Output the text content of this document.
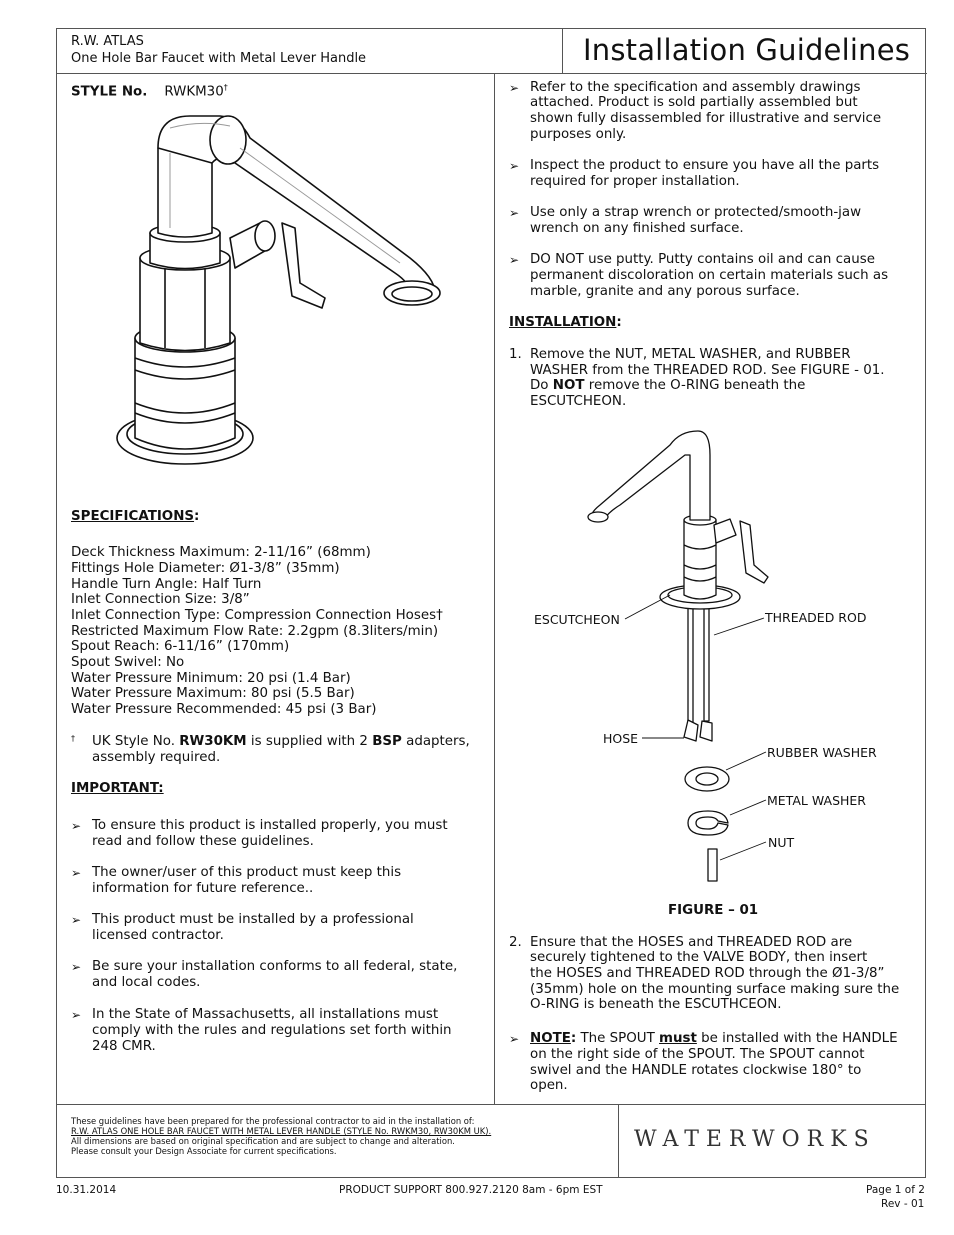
R.W. ATLAS
One Hole Bar Faucet with Metal Lever Handle	Installation Guidelines
STYLE No. RWKM30†
SPECIFICATIONS:
Deck Thickness Maximum: 2-11/16” (68mm)
Fittings Hole Diameter: Ø1-3/8” (35mm)
Handle Turn Angle: Half Turn
Inlet Connection Size: 3/8”
Inlet Connection Type: Compression Connection Hoses†
Restricted Maximum Flow Rate: 2.2gpm (8.3liters/min)
Spout Reach: 6-11/16” (170mm)
Spout Swivel: No
Water Pressure Minimum: 20 psi (1.4 Bar)
Water Pressure Maximum: 80 psi (5.5 Bar)
Water Pressure Recommended: 45 psi (3 Bar)
† UK Style No. RW30KM is supplied with 2 BSP adapters,
assembly required.
IMPORTANT:
➢ To ensure this product is installed properly, you must
read and follow these guidelines.
➢ The owner/user of this product must keep this
information for future reference..
➢ This product must be installed by a professional
licensed contractor.
➢ Be sure your installation conforms to all federal, state,
and local codes.
➢ In the State of Massachusetts, all installations must
comply with the rules and regulations set forth within
248 CMR.
➢ Refer to the specification and assembly drawings
attached. Product is sold partially assembled but
shown fully disassembled for illustrative and service
purposes only.
➢ Inspect the product to ensure you have all the parts
required for proper installation.
➢ Use only a strap wrench or protected/smooth-jaw
wrench on any finished surface.
➢ DO NOT use putty. Putty contains oil and can cause
permanent discoloration on certain materials such as
marble, granite and any porous surface.
INSTALLATION:
1. Remove the NUT, METAL WASHER, and RUBBER
WASHER from the THREADED ROD. See FIGURE - 01.
Do NOT remove the O-RING beneath the
ESCUTCHEON.
ESCUTCHEON	THREADED ROD
HOSE
RUBBER WASHER
METAL WASHER
NUT
FIGURE – 01
2. Ensure that the HOSES and THREADED ROD are
securely tightened to the VALVE BODY, then insert
the HOSES and THREADED ROD through the Ø1-3/8”
(35mm) hole on the mounting surface making sure the
O-RING is beneath the ESCUTHCEON.
➢ NOTE: The SPOUT must be installed with the HANDLE
on the right side of the SPOUT. The SPOUT cannot
swivel and the HANDLE rotates clockwise 180° to
open.
These guidelines have been prepared for the professional contractor to aid in the installation of:
R.W. ATLAS ONE HOLE BAR FAUCET WITH METAL LEVER HANDLE (STYLE No. RWKM30, RW30KM UK).
All dimensions are based on original specification and are subject to change and alteration.
Please consult your Design Associate for current specifications.	WATERWORKS
10.31.2014	PRODUCT SUPPORT 800.927.2120 8am - 6pm EST	Page 1 of 2
Rev - 01
